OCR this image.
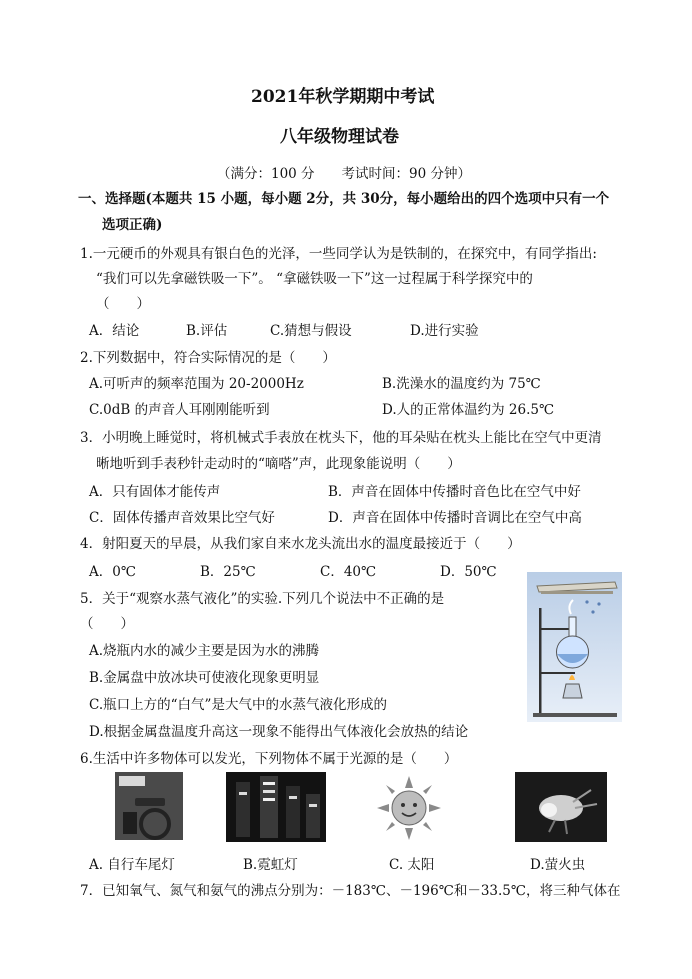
2021年秋学期期中考试
八年级物理试卷
（满分：100 分　　考试时间：90 分钟）
一、选择题(本题共 15 小题，每小题 2分，共 30分，每小题给出的四个选项中只有一个
选项正确)
1.一元硬币的外观具有银白色的光泽，一些同学认为是铁制的，在探究中，有同学指出:
“我们可以先拿磁铁吸一下”。 “拿磁铁吸一下”这一过程属于科学探究中的
（　　）
A．结论	B.评估	C.猜想与假设	D.进行实验
2.下列数据中，符合实际情况的是（　　）
A.可听声的频率范围为 20-2000Hz	B.洗澡水的温度约为 75℃
C.0dB 的声音人耳刚刚能听到	D.人的正常体温约为 26.5℃
3．小明晚上睡觉时，将机械式手表放在枕头下，他的耳朵贴在枕头上能比在空气中更清
晰地听到手表秒针走动时的“嘀嗒”声，此现象能说明（　　）
A．只有固体才能传声	B．声音在固体中传播时音色比在空气中好
C．固体传播声音效果比空气好	D．声音在固体中传播时音调比在空气中高
4．射阳夏天的早晨，从我们家自来水龙头流出水的温度最接近于（　　）
A．0℃	B．25℃	C．40℃	D．50℃
5．关于“观察水蒸气液化”的实验.下列几个说法中不正确的是
（　　）
A.烧瓶内水的减少主要是因为水的沸腾
B.金属盘中放冰块可使液化现象更明显
C.瓶口上方的“白气”是大气中的水蒸气液化形成的
D.根据金属盘温度升高这一现象不能得出气体液化会放热的结论
6.生活中许多物体可以发光，下列物体不属于光源的是（　　）
A. 自行车尾灯	B.霓虹灯	C. 太阳	D.萤火虫
7．已知氧气、氮气和氨气的沸点分别为：－183℃、－196℃和－33.5℃，将三种气体在
